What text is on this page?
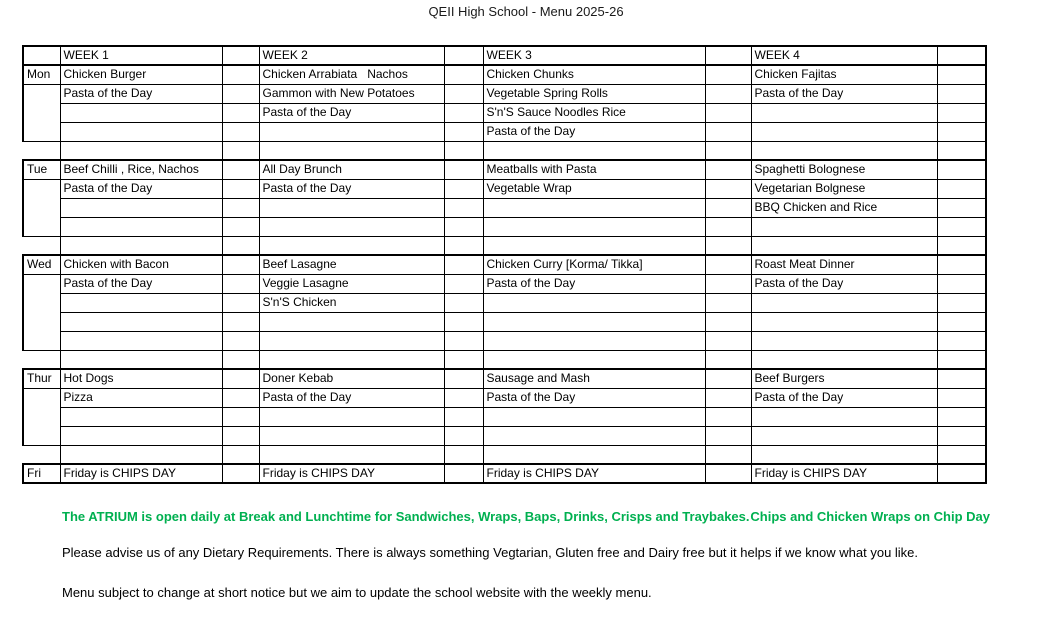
QEII High School - Menu 2025-26
	WEEK 1		WEEK 2		WEEK 3		WEEK 4	
Mon	Chicken Burger		Chicken Arrabiata   Nachos		Chicken Chunks		Chicken Fajitas	
	Pasta of the Day		Gammon with New Potatoes		Vegetable Spring Rolls		Pasta of the Day	
			Pasta of the Day		S'n'S Sauce Noodles Rice			
					Pasta of the Day			

Tue	Beef Chilli , Rice, Nachos		All Day Brunch		Meatballs with Pasta		Spaghetti Bolognese	
	Pasta of the Day		Pasta of the Day		Vegetable Wrap		Vegetarian Bolgnese	
							BBQ Chicken and Rice	

Wed	Chicken with Bacon		Beef Lasagne		Chicken Curry [Korma/ Tikka]		Roast Meat Dinner	
	Pasta of the Day		Veggie Lasagne		Pasta of the Day		Pasta of the Day	
			S'n'S Chicken					

Thur	Hot Dogs		Doner Kebab		Sausage and Mash		Beef Burgers	
	Pizza		Pasta of the Day		Pasta of the Day		Pasta of the Day	

Fri	Friday is CHIPS DAY		Friday is CHIPS DAY		Friday is CHIPS DAY		Friday is CHIPS DAY	
The ATRIUM is open daily at Break and Lunchtime for Sandwiches, Wraps, Baps, Drinks, Crisps and Traybakes. Chips and Chicken Wraps on Chip Day
Please advise us of any Dietary Requirements. There is always something Vegtarian, Gluten free and Dairy free but it helps if we know what you like.
Menu subject to change at short notice but we aim to update the school website with the weekly menu.
